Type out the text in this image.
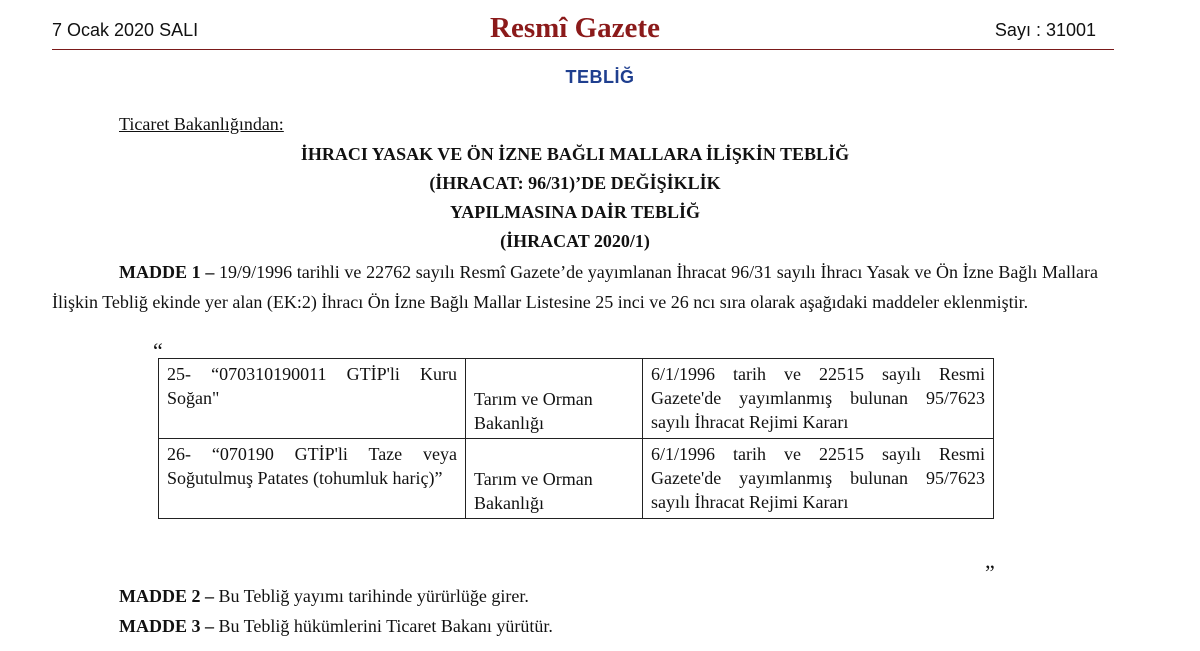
7 Ocak 2020 SALI	Resmî Gazete	Sayı : 31001
TEBLİĞ
Ticaret Bakanlığından:
İHRACI YASAK VE ÖN İZNE BAĞLI MALLARA İLİŞKİN TEBLİĞ
(İHRACAT: 96/31)’DE DEĞİŞİKLİK
YAPILMASINA DAİR TEBLİĞ
(İHRACAT 2020/1)
MADDE 1 – 19/9/1996 tarihli ve 22762 sayılı Resmî Gazete’de yayımlanan İhracat 96/31 sayılı İhracı Yasak ve Ön İzne Bağlı Mallara İlişkin Tebliğ ekinde yer alan (EK:2) İhracı Ön İzne Bağlı Mallar Listesine 25 inci ve 26 ncı sıra olarak aşağıdaki maddeler eklenmiştir.
“
25- “070310190011 GTİP'li Kuru Soğan"	Tarım ve Orman Bakanlığı	6/1/1996 tarih ve 22515 sayılı Resmi Gazete'de yayımlanmış bulunan 95/7623 sayılı İhracat Rejimi Kararı
26- “070190 GTİP'li Taze veya Soğutulmuş Patates (tohumluk hariç)”	Tarım ve Orman Bakanlığı	6/1/1996 tarih ve 22515 sayılı Resmi Gazete'de yayımlanmış bulunan 95/7623 sayılı İhracat Rejimi Kararı
”
MADDE 2 – Bu Tebliğ yayımı tarihinde yürürlüğe girer.
MADDE 3 – Bu Tebliğ hükümlerini Ticaret Bakanı yürütür.
